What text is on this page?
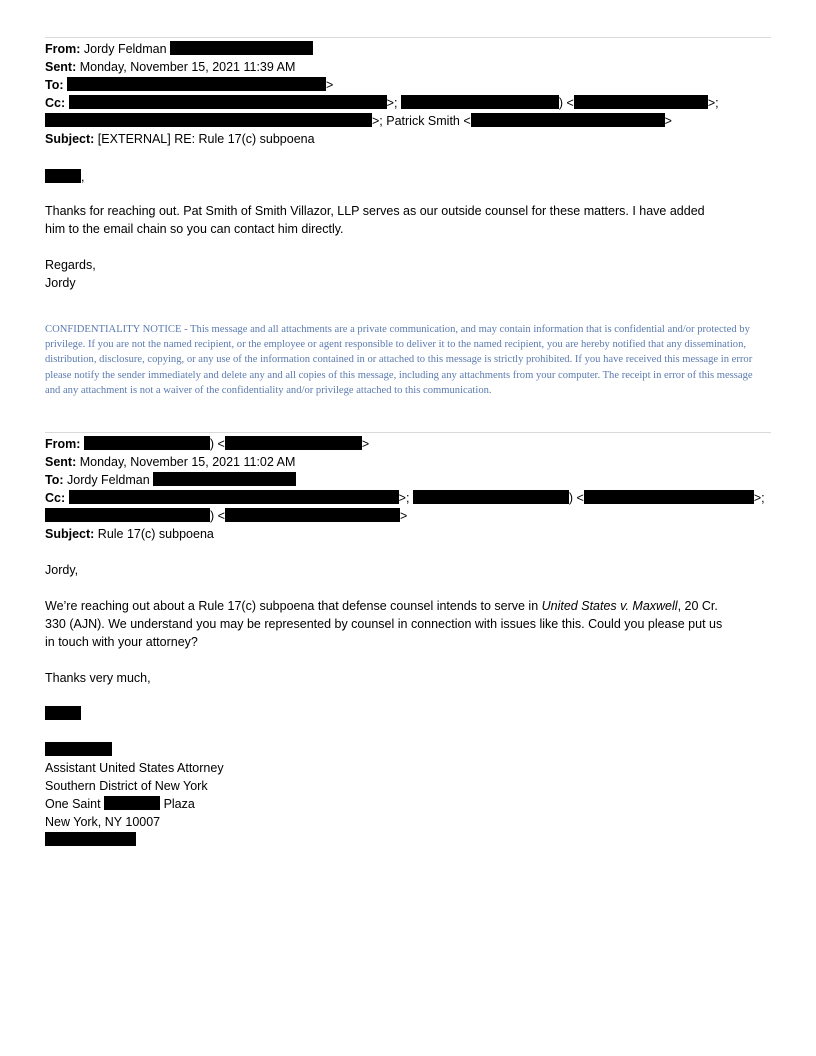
From: Jordy Feldman
Sent: Monday, November 15, 2021 11:39 AM
To:	>
Cc:	>;	) <	>;
>; Patrick Smith <	>
Subject: [EXTERNAL] RE: Rule 17(c) subpoena
,
Thanks for reaching out. Pat Smith of Smith Villazor, LLP serves as our outside counsel for these matters. I have added
him to the email chain so you can contact him directly.
Regards,
Jordy
CONFIDENTIALITY NOTICE - This message and all attachments are a private communication, and may contain information that is confidential and/or protected by privilege. If you are not the named recipient, or the employee or agent responsible to deliver it to the named recipient, you are hereby notified that any dissemination, distribution, disclosure, copying, or any use of the information contained in or attached to this message is strictly prohibited. If you have received this message in error please notify the sender immediately and delete any and all copies of this message, including any attachments from your computer. The receipt in error of this message and any attachment is not a waiver of the confidentiality and/or privilege attached to this communication.
From:	) <	>
Sent: Monday, November 15, 2021 11:02 AM
To: Jordy Feldman
Cc:	>;	) <	>;
) <	>
Subject: Rule 17(c) subpoena
Jordy,
We’re reaching out about a Rule 17(c) subpoena that defense counsel intends to serve in United States v. Maxwell, 20 Cr.
330 (AJN). We understand you may be represented by counsel in connection with issues like this. Could you please put us
in touch with your attorney?
Thanks very much,
Assistant United States Attorney
Southern District of New York
One Saint	Plaza
New York, NY 10007
